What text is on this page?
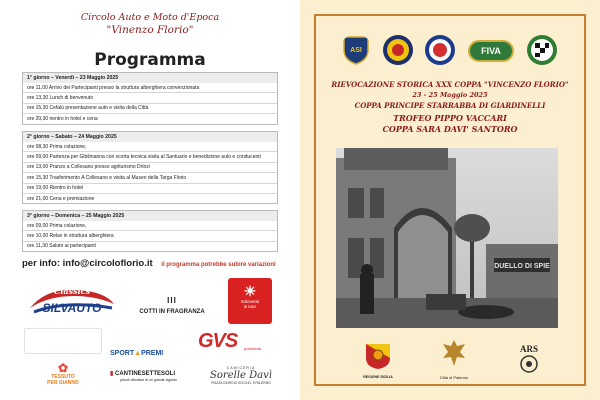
Circolo Auto e Moto d'Epoca
"Vinenzo Florio"
Programma
1° giorno – Venerdì – 23 Maggio 2025
ore 11,00 Arrivo dei Partecipanti presso la struttura alberghiera convenzionata
ore 13,30 Lunch di benvenuto
ore 15,30 Cefalù presentazione auto e visita della Città
ore 20,30 rientro in hotel e cena
2° giorno – Sabato – 24 Maggio 2025
ore 08,30 Prima colazione,
ore 09,00 Partenza per Gibilmanna con scorta tecnica visita al Santuario e benedizione auto e conducenti
ore 13,00 Pranzo a Collesano presso agriturismo Drinzi
ore 15,30 Trasferimento A Collesano e visita al Museo della Targa Florio
ore 19,00 Rientro in hotel
ore 21,00 Cena e premiazione
3° giorno – Domenica – 25 Maggio 2025
ore 09,00 Prima colazione,
ore 10,00 Relax in struttura alberghiera
ore 11,30 Saluto ai partecipanti
per info: info@circoloflorio.it il programma potrebbe subire variazioni
Classics
SILVAUTO
III
COTTI IN FRAGRANZA
☀
Soleventi
& tour
SPORT▲PREMI
GVS pubblicità
✿
TESSUTO
PER GIANNO
▮ CANTINESETTESOLI
piccoli viticoltori di un grande vigneto
CAMICERIA
Sorelle Davì
PIAZZA GIORGIO SCIGLIO, 5 PALERMO
ASI	FIVA
RIEVOCAZIONE STORICA XXX COPPA "VINCENZO FLORIO"
23 - 25 Maggio 2025
COPPA PRINCIPE STARRABBA DI GIARDINELLI
TROFEO PIPPO VACCARI
COPPA SARA DAVI' SANTORO
DUELLO DI SPIE
REGIONE SICILIA	Città di Palermo
ARS
